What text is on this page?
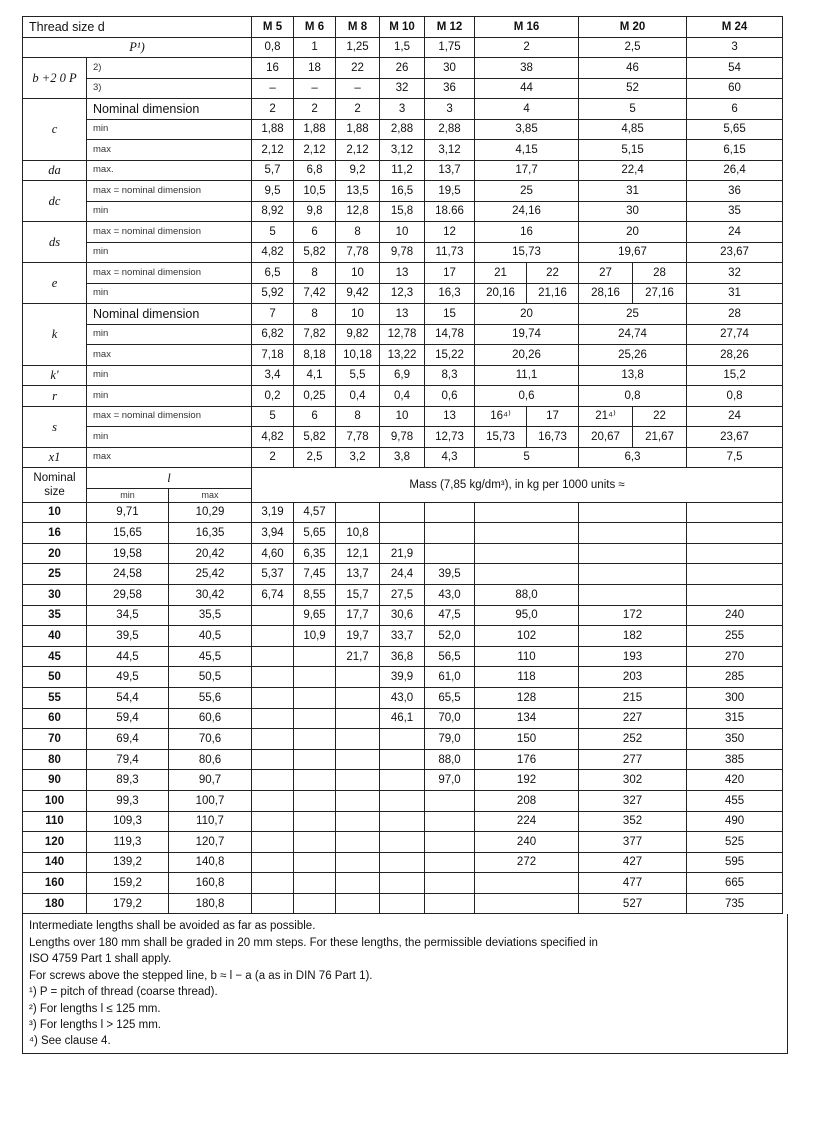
Thread size d		M 5	M 6	M 8	M 10	M 12	M 16		M 20		M 24
P¹)		0,8	1	1,25	1,5	1,75	2		2,5		3
b +2 0 P	2)	16	18	22	26	30	38		46		54
	3)	–	–	–	32	36	44		52		60
c	Nominal dimension	2	2	2	3	3	4		5		6
	min	1,88	1,88	1,88	2,88	2,88	3,85		4,85		5,65
	max	2,12	2,12	2,12	3,12	3,12	4,15		5,15		6,15
da	max.	5,7	6,8	9,2	11,2	13,7	17,7		22,4		26,4
dc	max = nominal dimension	9,5	10,5	13,5	16,5	19,5	25		31		36
	min	8,92	9,8	12,8	15,8	18.66	24,16		30		35
ds	max = nominal dimension	5	6	8	10	12	16		20		24
	min	4,82	5,82	7,78	9,78	11,73	15,73		19,67		23,67
e	max = nominal dimension	6,5	8	10	13	17	21	22	27	28	32
	min	5,92	7,42	9,42	12,3	16,3	20,16	21,16	28,16	27,16	31
k	Nominal dimension	7	8	10	13	15	20		25		28
	min	6,82	7,82	9,82	12,78	14,78	19,74		24,74		27,74
	max	7,18	8,18	10,18	13,22	15,22	20,26		25,26		28,26
k'	min	3,4	4,1	5,5	6,9	8,3	11,1		13,8		15,2
r	min	0,2	0,25	0,4	0,4	0,6	0,6		0,8		0,8
s	max = nominal dimension	5	6	8	10	13	16⁴⁾	17	21⁴⁾	22	24
	min	4,82	5,82	7,78	9,78	12,73	15,73	16,73	20,67	21,67	23,67
x1	max	2	2,5	3,2	3,8	4,3	5		6,3		7,5
Nominal size	l		Mass (7,85 kg/dm³), in kg per 1000 units ≈							
	min	max								
10	9,71	10,29	3,19	4,57						
16	15,65	16,35	3,94	5,65	10,8					
20	19,58	20,42	4,60	6,35	12,1	21,9				
25	24,58	25,42	5,37	7,45	13,7	24,4	39,5			
30	29,58	30,42	6,74	8,55	15,7	27,5	43,0	88,0		
35	34,5	35,5		9,65	17,7	30,6	47,5	95,0	172	240
40	39,5	40,5		10,9	19,7	33,7	52,0	102	182	255
45	44,5	45,5			21,7	36,8	56,5	110	193	270
50	49,5	50,5				39,9	61,0	118	203	285
55	54,4	55,6				43,0	65,5	128	215	300
60	59,4	60,6				46,1	70,0	134	227	315
70	69,4	70,6					79,0	150	252	350
80	79,4	80,6					88,0	176	277	385
90	89,3	90,7					97,0	192	302	420
100	99,3	100,7						208	327	455
110	109,3	110,7						224	352	490
120	119,3	120,7						240	377	525
140	139,2	140,8						272	427	595
160	159,2	160,8							477	665
180	179,2	180,8							527	735
Intermediate lengths shall be avoided as far as possible.
Lengths over 180 mm shall be graded in 20 mm steps. For these lengths, the permissible deviations specified in
ISO 4759 Part 1 shall apply.
For screws above the stepped line, b ≈ l − a (a as in DIN 76 Part 1).
¹) P = pitch of thread (coarse thread).
²) For lengths l ≤ 125 mm.
³) For lengths l > 125 mm.
⁴) See clause 4.
